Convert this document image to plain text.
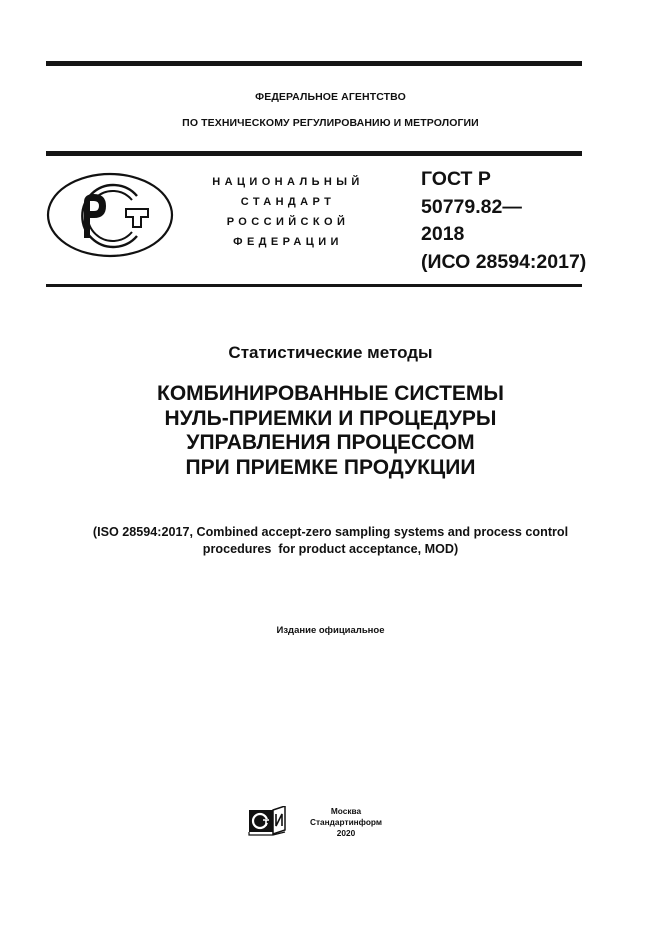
ФЕДЕРАЛЬНОЕ АГЕНТСТВО
ПО ТЕХНИЧЕСКОМУ РЕГУЛИРОВАНИЮ И МЕТРОЛОГИИ
НАЦИОНАЛЬНЫЙ
СТАНДАРТ
РОССИЙСКОЙ
ФЕДЕРАЦИИ
ГОСТ Р
50779.82—
2018
(ИСО 28594:2017)
Статистические методы
КОМБИНИРОВАННЫЕ СИСТЕМЫ
НУЛЬ-ПРИЕМКИ И ПРОЦЕДУРЫ
УПРАВЛЕНИЯ ПРОЦЕССОМ
ПРИ ПРИЕМКЕ ПРОДУКЦИИ
(ISO 28594:2017, Combined accept-zero sampling systems and process control
procedures  for product acceptance, MOD)
Издание официальное
Москва
Стандартинформ
2020
